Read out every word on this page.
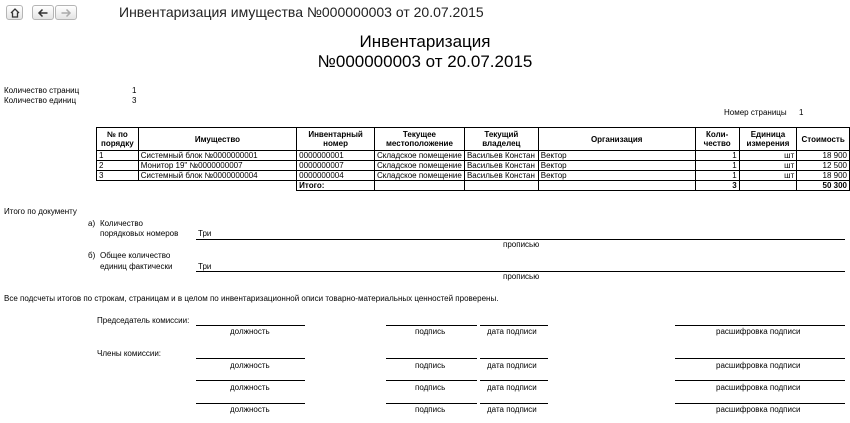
Инвентаризация имущества №000000003 от 20.07.2015
Инвентаризация
№000000003 от 20.07.2015
Количество страниц	1
Количество единиц	3
Номер страницы 1
№ по порядку	Имущество	Инвентарный номер	Текущее местоположение	Текущий владелец	Организация	Коли-чество	Единица измерения	Стоимость
1	Системный блок №0000000001	0000000001	Складское помещение	Васильев Констан	Вектор	1	шт	18 900
2	Монитор 19" №0000000007	0000000007	Складское помещение	Васильев Констан	Вектор	1	шт	12 500
3	Системный блок №0000000004	0000000004	Складское помещение	Васильев Констан	Вектор	1	шт	18 900
		Итого:				3		50 300
Итого по документу
а) Количество
порядковых номеров Три
прописью
б) Общее количество
единиц фактически	Три
прописью
Все подсчеты итогов по строкам, страницам и в целом по инвентаризационной описи товарно-материальных ценностей проверены.
Председатель комиссии:
должность	подпись	дата подписи	расшифровка подписи
Члены комиссии:
должность	подпись	дата подписи	расшифровка подписи
должность	подпись	дата подписи	расшифровка подписи
должность	подпись	дата подписи	расшифровка подписи
